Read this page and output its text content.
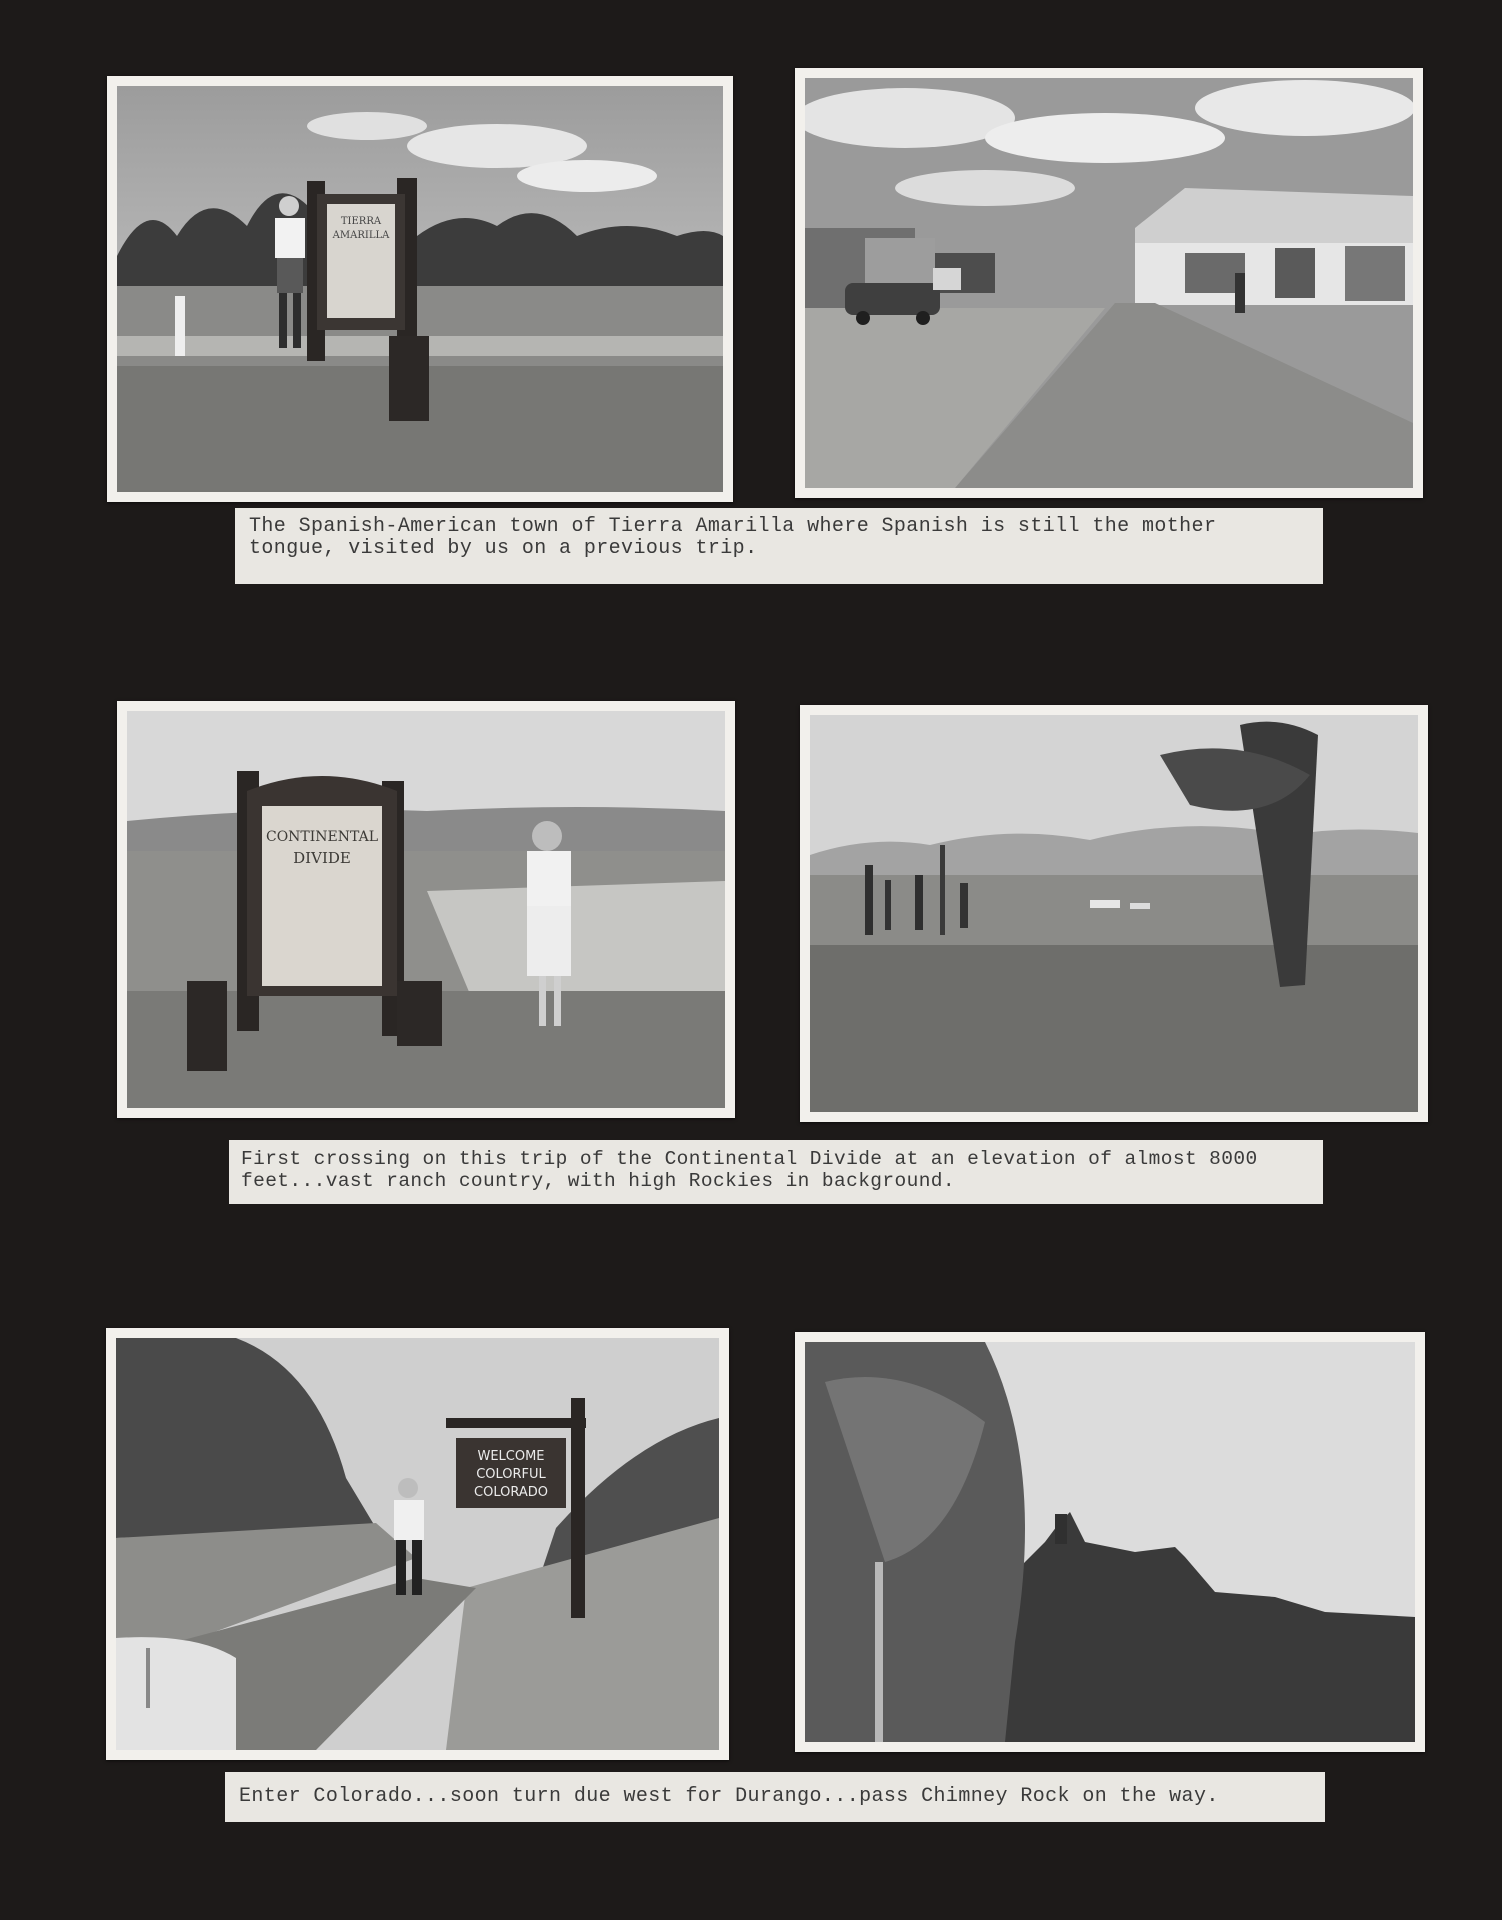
TIERRA
AMARILLA
The Spanish-American town of Tierra Amarilla where Spanish is still the mother tongue, visited by us on a previous trip.
CONTINENTAL
DIVIDE
First crossing on this trip of the Continental Divide at an elevation of almost 8000 feet...vast ranch country, with high Rockies in background.
WELCOME
COLORFUL
COLORADO
Enter Colorado...soon turn due west for Durango...pass Chimney Rock on the way.
